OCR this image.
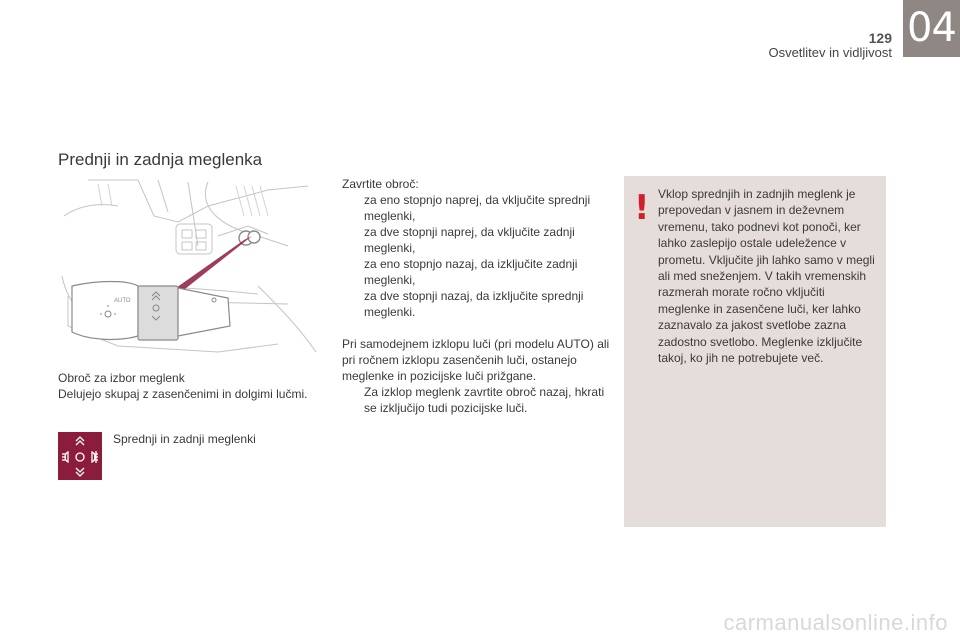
129
Osvetlitev in vidljivost
04
Prednji in zadnja meglenka
AUTO

Obroč za izbor meglenk

Delujejo skupaj z zasenčenimi in dolgimi lučmi.

Sprednji in zadnji meglenki

Zavrtite obroč:

za eno stopnjo naprej, da vključite sprednji meglenki,
za dve stopnji naprej, da vključite zadnji meglenki,
za eno stopnjo nazaj, da izključite zadnji meglenki,
za dve stopnji nazaj, da izključite sprednji meglenki.

Pri samodejnem izklopu luči (pri modelu AUTO) ali pri ročnem izklopu zasenčenih luči, ostanejo meglenke in pozicijske luči prižgane.

Za izklop meglenk zavrtite obroč nazaj, hkrati se izključijo tudi pozicijske luči.
! Vklop sprednjih in zadnjih meglenk je prepovedan v jasnem in deževnem vremenu, tako podnevi kot ponoči, ker lahko zaslepijo ostale udeležence v prometu. Vključite jih lahko samo v megli ali med sneženjem. V takih vremenskih razmerah morate ročno vključiti meglenke in zasenčene luči, ker lahko zaznavalo za jakost svetlobe zazna zadostno svetlobo. Meglenke izključite takoj, ko jih ne potrebujete več.
carmanualsonline.info
